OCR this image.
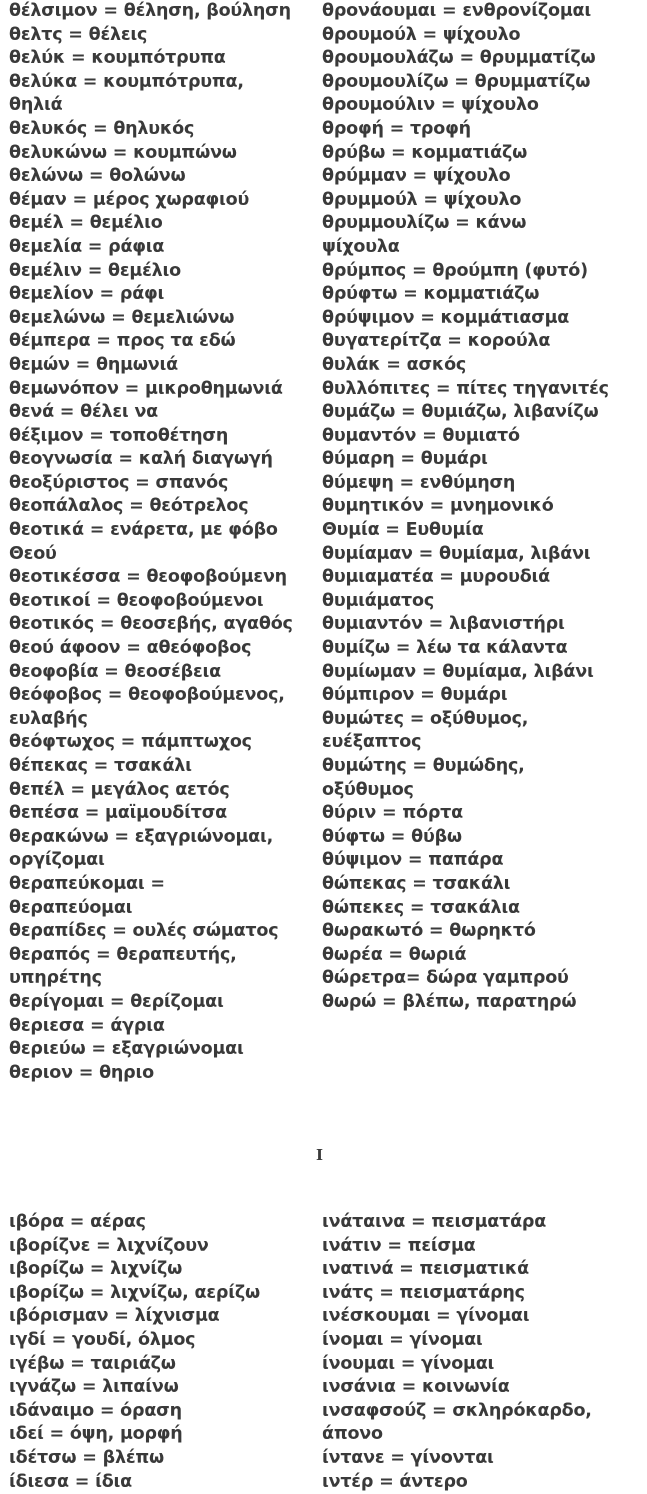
θέλσιμον = θέληση, βούληση
θελτς = θέλεις
θελύκ = κουμπότρυπα
θελύκα = κουμπότρυπα,
θηλιά
θελυκός = θηλυκός
θελυκώνω = κουμπώνω
θελώνω = θολώνω
θέμαν = μέρος χωραφιού
θεμέλ = θεμέλιο
θεμελία = ράφια
θεμέλιν = θεμέλιο
θεμελίον = ράφι
θεμελώνω = θεμελιώνω
θέμπερα = προς τα εδώ
θεμών = θημωνιά
θεμωνόπον = μικροθημωνιά
θενά = θέλει να
θέξιμον = τοποθέτηση
θεογνωσία = καλή διαγωγή
θεοξύριστος = σπανός
θεοπάλαλος = θεότρελος
θεοτικά = ενάρετα, με φόβο
Θεού
θεοτικέσσα = θεοφοβούμενη
θεοτικοί = θεοφοβούμενοι
θεοτικός = θεοσεβής, αγαθός
θεού άφοον = αθεόφοβος
θεοφοβία = θεοσέβεια
θεόφοβος = θεοφοβούμενος,
ευλαβής
θεόφτωχος = πάμπτωχος
θέπεκας = τσακάλι
θεπέλ = μεγάλος αετός
θεπέσα = μαϊμουδίτσα
θερακώνω = εξαγριώνομαι,
οργίζομαι
θεραπεύκομαι =
θεραπεύομαι
θεραπίδες = ουλές σώματος
θεραπός = θεραπευτής,
υπηρέτης
θερίγομαι = θερίζομαι
θεριεσα = άγρια
θεριεύω = εξαγριώνομαι
θεριον = θηριο
θρονάουμαι = ενθρονίζομαι
θρουμούλ = ψίχουλο
θρουμουλάζω = θρυμματίζω
θρουμουλίζω = θρυμματίζω
θρουμούλιν = ψίχουλο
θροφή = τροφή
θρύβω = κομματιάζω
θρύμμαν = ψίχουλο
θρυμμούλ = ψίχουλο
θρυμμουλίζω = κάνω
ψίχουλα
θρύμπος = θρούμπη (φυτό)
θρύφτω = κομματιάζω
θρύψιμον = κομμάτιασμα
θυγατερίτζα = κορούλα
θυλάκ = ασκός
θυλλόπιτες = πίτες τηγανιτές
θυμάζω = θυμιάζω, λιβανίζω
θυμαντόν = θυμιατό
θύμαρη = θυμάρι
θύμεψη = ενθύμηση
θυμητικόν = μνημονικό
Θυμία = Ευθυμία
θυμίαμαν = θυμίαμα, λιβάνι
θυμιαματέα = μυρουδιά
θυμιάματος
θυμιαντόν = λιβανιστήρι
θυμίζω = λέω τα κάλαντα
θυμίωμαν = θυμίαμα, λιβάνι
θύμπιρον = θυμάρι
θυμώτες = οξύθυμος,
ευέξαπτος
θυμώτης = θυμώδης,
οξύθυμος
θύριν = πόρτα
θύφτω = θύβω
θύψιμον = παπάρα
θώπεκας = τσακάλι
θώπεκες = τσακάλια
θωρακωτό = θωρηκτό
θωρέα = θωριά
θώρετρα= δώρα γαμπρού
θωρώ = βλέπω, παρατηρώ
I
ιβόρα = αέρας
ιβορίζνε = λιχνίζουν
ιβορίζω = λιχνίζω
ιβορίζω = λιχνίζω, αερίζω
ιβόρισμαν = λίχνισμα
ιγδί = γουδί, όλμος
ιγέβω = ταιριάζω
ιγνάζω = λιπαίνω
ιδάναιμο = όραση
ιδεί = όψη, μορφή
ιδέτσω = βλέπω
ίδιεσα = ίδια
ινάταινα = πεισματάρα
ινάτιν = πείσμα
ινατινά = πεισματικά
ινάτς = πεισματάρης
ινέσκουμαι = γίνομαι
ίνομαι = γίνομαι
ίνουμαι = γίνομαι
ινσάνια = κοινωνία
ινσαφσούζ = σκληρόκαρδο,
άπονο
ίντανε = γίνονται
ιντέρ = άντερο
